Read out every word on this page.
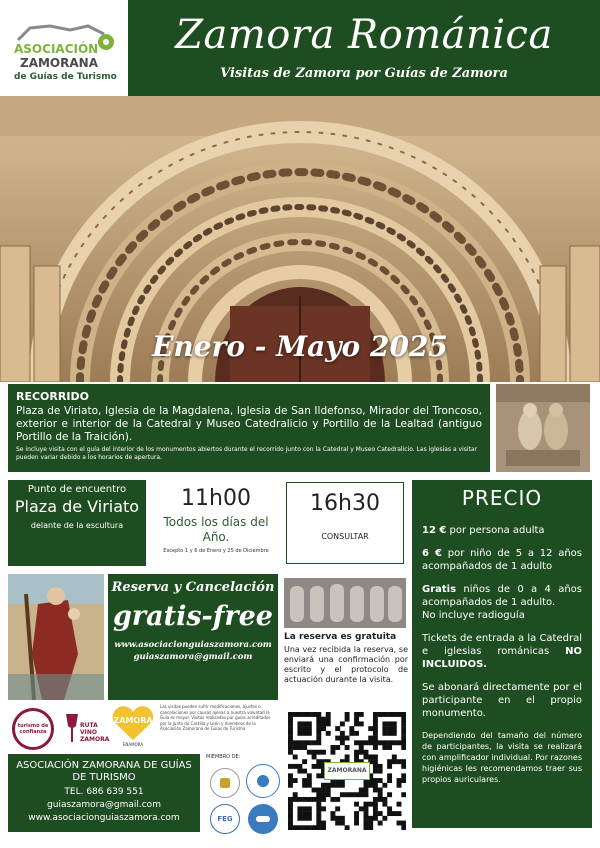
ASOCIACIÓN
ZAMORANA
de Guías de Turismo
Zamora Románica
Visitas de Zamora por Guías de Zamora
Enero - Mayo 2025
RECORRIDO
Plaza de Viriato, Iglesia de la Magdalena, Iglesia de San Ildefonso, Mirador del Troncoso, exterior e interior de la Catedral y Museo Catedralicio y Portillo de la Lealtad (antiguo Portillo de la Traición).
Se incluye visita con el guía del interior de los monumentos abiertos durante el recorrido junto con la Catedral y Museo Catedralicio. Las iglesias a visitar pueden variar debido a los horarios de apertura.
Punto de encuentro
Plaza de Viriato
delante de la escultura
11h00
Todos los días del Año.
Excepto 1 y 6 de Enero y 25 de Diciembre
16h30
CONSULTAR
PRECIO

12 € por persona adulta

6 € por niño de 5 a 12 años acompañados de 1 adulto

Gratis niños de 0 a 4 años acompañados de 1 adulto.
No incluye radioguía

Tickets de entrada a la Catedral e iglesias románicas NO INCLUIDOS.

Se abonará directamente por el participante en el propio monumento.

Dependiendo del tamaño del número de participantes, la visita se realizará con amplificador individual. Por razones higiénicas les recomendamos traer sus propios auriculares.

Reserva y Cancelación
gratis-free
www.asociacionguiaszamora.com
guiaszamora@gmail.com
La reserva es gratuita
Una vez recibida la reserva, se enviará una confirmación por escrito y el protocolo de actuación durante la visita.
turismo de confianza
RUTA VINO ZAMORA
ZAMORA
ENAMORA
Las visitas pueden sufrir modificaciones, ajustes o cancelaciones por causas ajenas a nuestra voluntad la Guía es mayor. Visitas realizadas por guías acreditados por la Junta de Castilla y León y miembros de la Asociación Zamorana de Guías de Turismo
ASOCIACIÓN ZAMORANA DE GUÍAS DE TURISMO
TEL. 686 639 551
guiaszamora@gmail.com
www.asociacionguiaszamora.com
MIEMBRO DE:
FEG
ZAMORANA
